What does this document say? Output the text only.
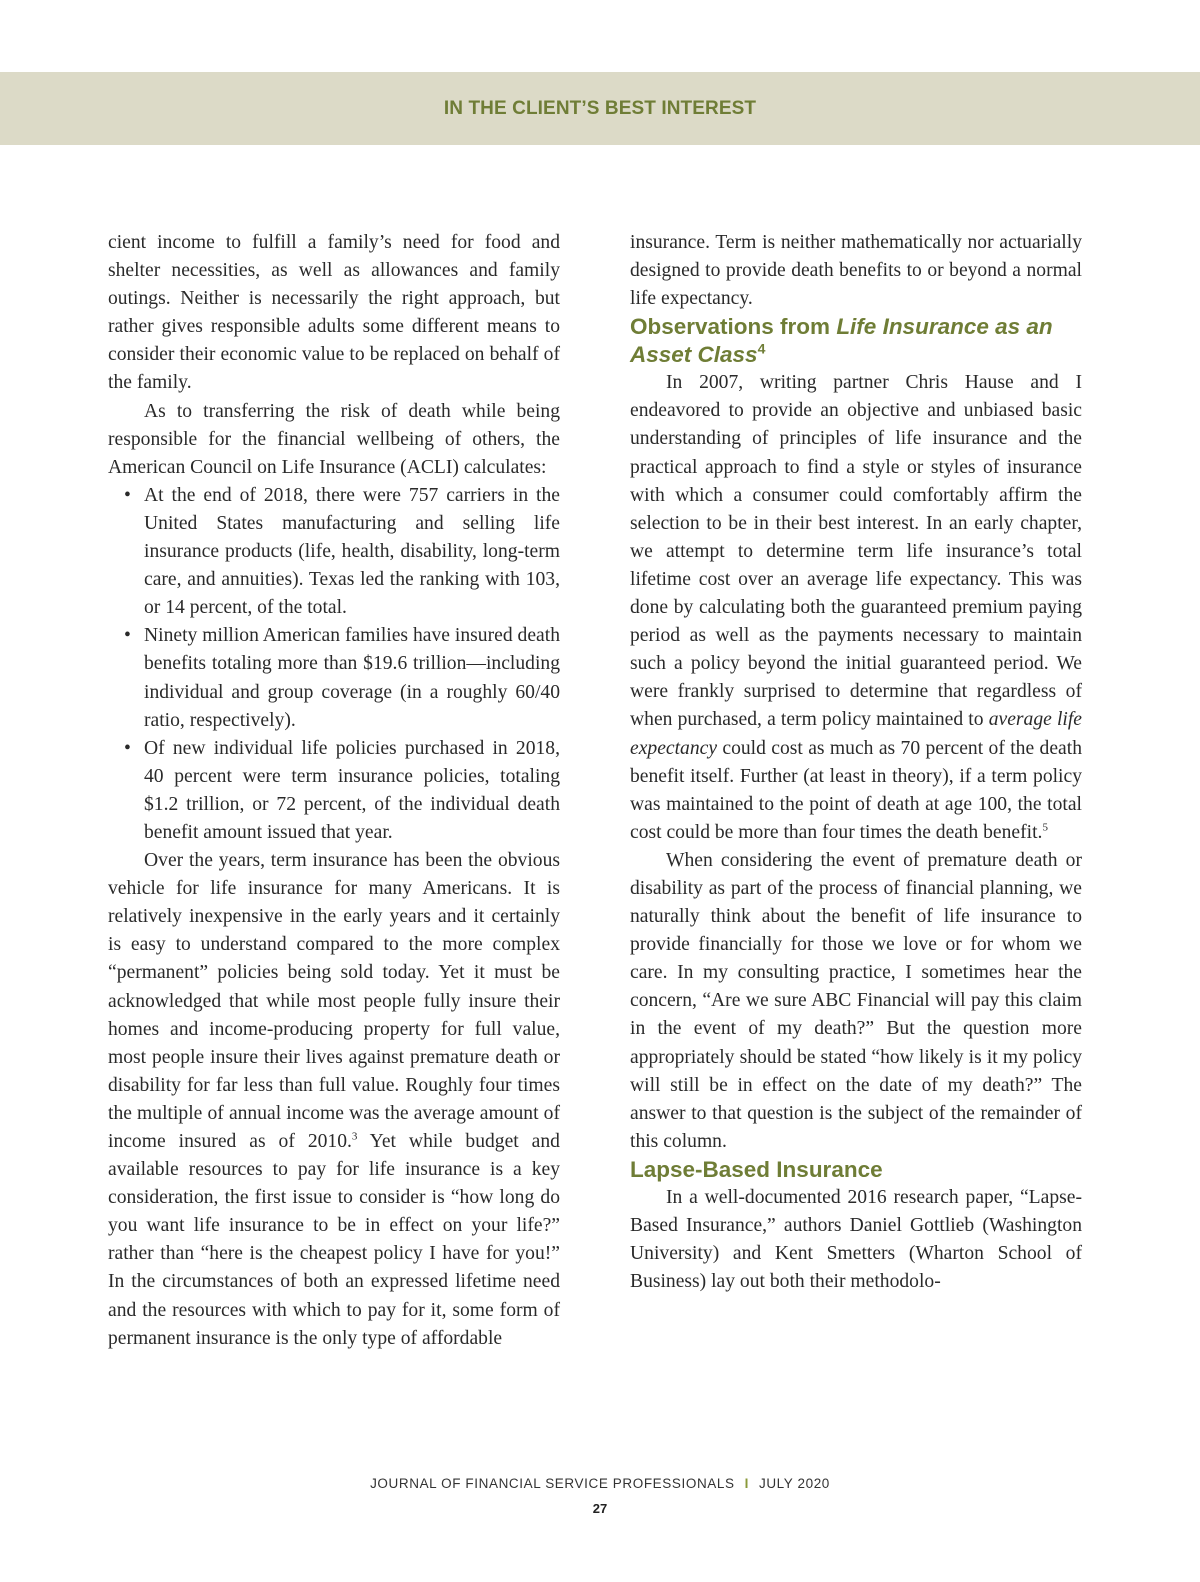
IN THE CLIENT’S BEST INTEREST

cient income to fulfill a family’s need for food and shelter necessities, as well as allowances and family outings. Neither is necessarily the right approach, but rather gives responsible adults some different means to consider their economic value to be replaced on behalf of the family.

As to transferring the risk of death while being responsible for the financial wellbeing of others, the American Council on Life Insurance (ACLI) calculates:

• At the end of 2018, there were 757 carriers in the United States manufacturing and selling life insurance products (life, health, disability, long-term care, and annuities). Texas led the ranking with 103, or 14 percent, of the total.
• Ninety million American families have insured death benefits totaling more than $19.6 trillion—including individual and group coverage (in a roughly 60/40 ratio, respectively).
• Of new individual life policies purchased in 2018, 40 percent were term insurance policies, totaling $1.2 trillion, or 72 percent, of the individual death benefit amount issued that year.

Over the years, term insurance has been the obvious vehicle for life insurance for many Americans. It is relatively inexpensive in the early years and it certainly is easy to understand compared to the more complex “permanent” policies being sold today. Yet it must be acknowledged that while most people fully insure their homes and income-producing property for full value, most people insure their lives against premature death or disability for far less than full value. Roughly four times the multiple of annual income was the average amount of income insured as of 2010.$^3$ Yet while budget and available resources to pay for life insurance is a key consideration, the first issue to consider is “how long do you want life insurance to be in effect on your life?” rather than “here is the cheapest policy I have for you!” In the circumstances of both an expressed lifetime need and the resources with which to pay for it, some form of permanent insurance is the only type of affordable

insurance. Term is neither mathematically nor actuarially designed to provide death benefits to or beyond a normal life expectancy.

Observations from Life Insurance as an Asset Class$^4$

In 2007, writing partner Chris Hause and I endeavored to provide an objective and unbiased basic understanding of principles of life insurance and the practical approach to find a style or styles of insurance with which a consumer could comfortably affirm the selection to be in their best interest. In an early chapter, we attempt to determine term life insurance’s total lifetime cost over an average life expectancy. This was done by calculating both the guaranteed premium paying period as well as the payments necessary to maintain such a policy beyond the initial guaranteed period. We were frankly surprised to determine that regardless of when purchased, a term policy maintained to average life expectancy could cost as much as 70 percent of the death benefit itself. Further (at least in theory), if a term policy was maintained to the point of death at age 100, the total cost could be more than four times the death benefit.$^5$

When considering the event of premature death or disability as part of the process of financial planning, we naturally think about the benefit of life insurance to provide financially for those we love or for whom we care. In my consulting practice, I sometimes hear the concern, “Are we sure ABC Financial will pay this claim in the event of my death?” But the question more appropriately should be stated “how likely is it my policy will still be in effect on the date of my death?” The answer to that question is the subject of the remainder of this column.

Lapse-Based Insurance

In a well-documented 2016 research paper, “Lapse-Based Insurance,” authors Daniel Gottlieb (Washington University) and Kent Smetters (Wharton School of Business) lay out both their methodolo-

JOURNAL OF FINANCIAL SERVICE PROFESSIONALS I JULY 2020
27
